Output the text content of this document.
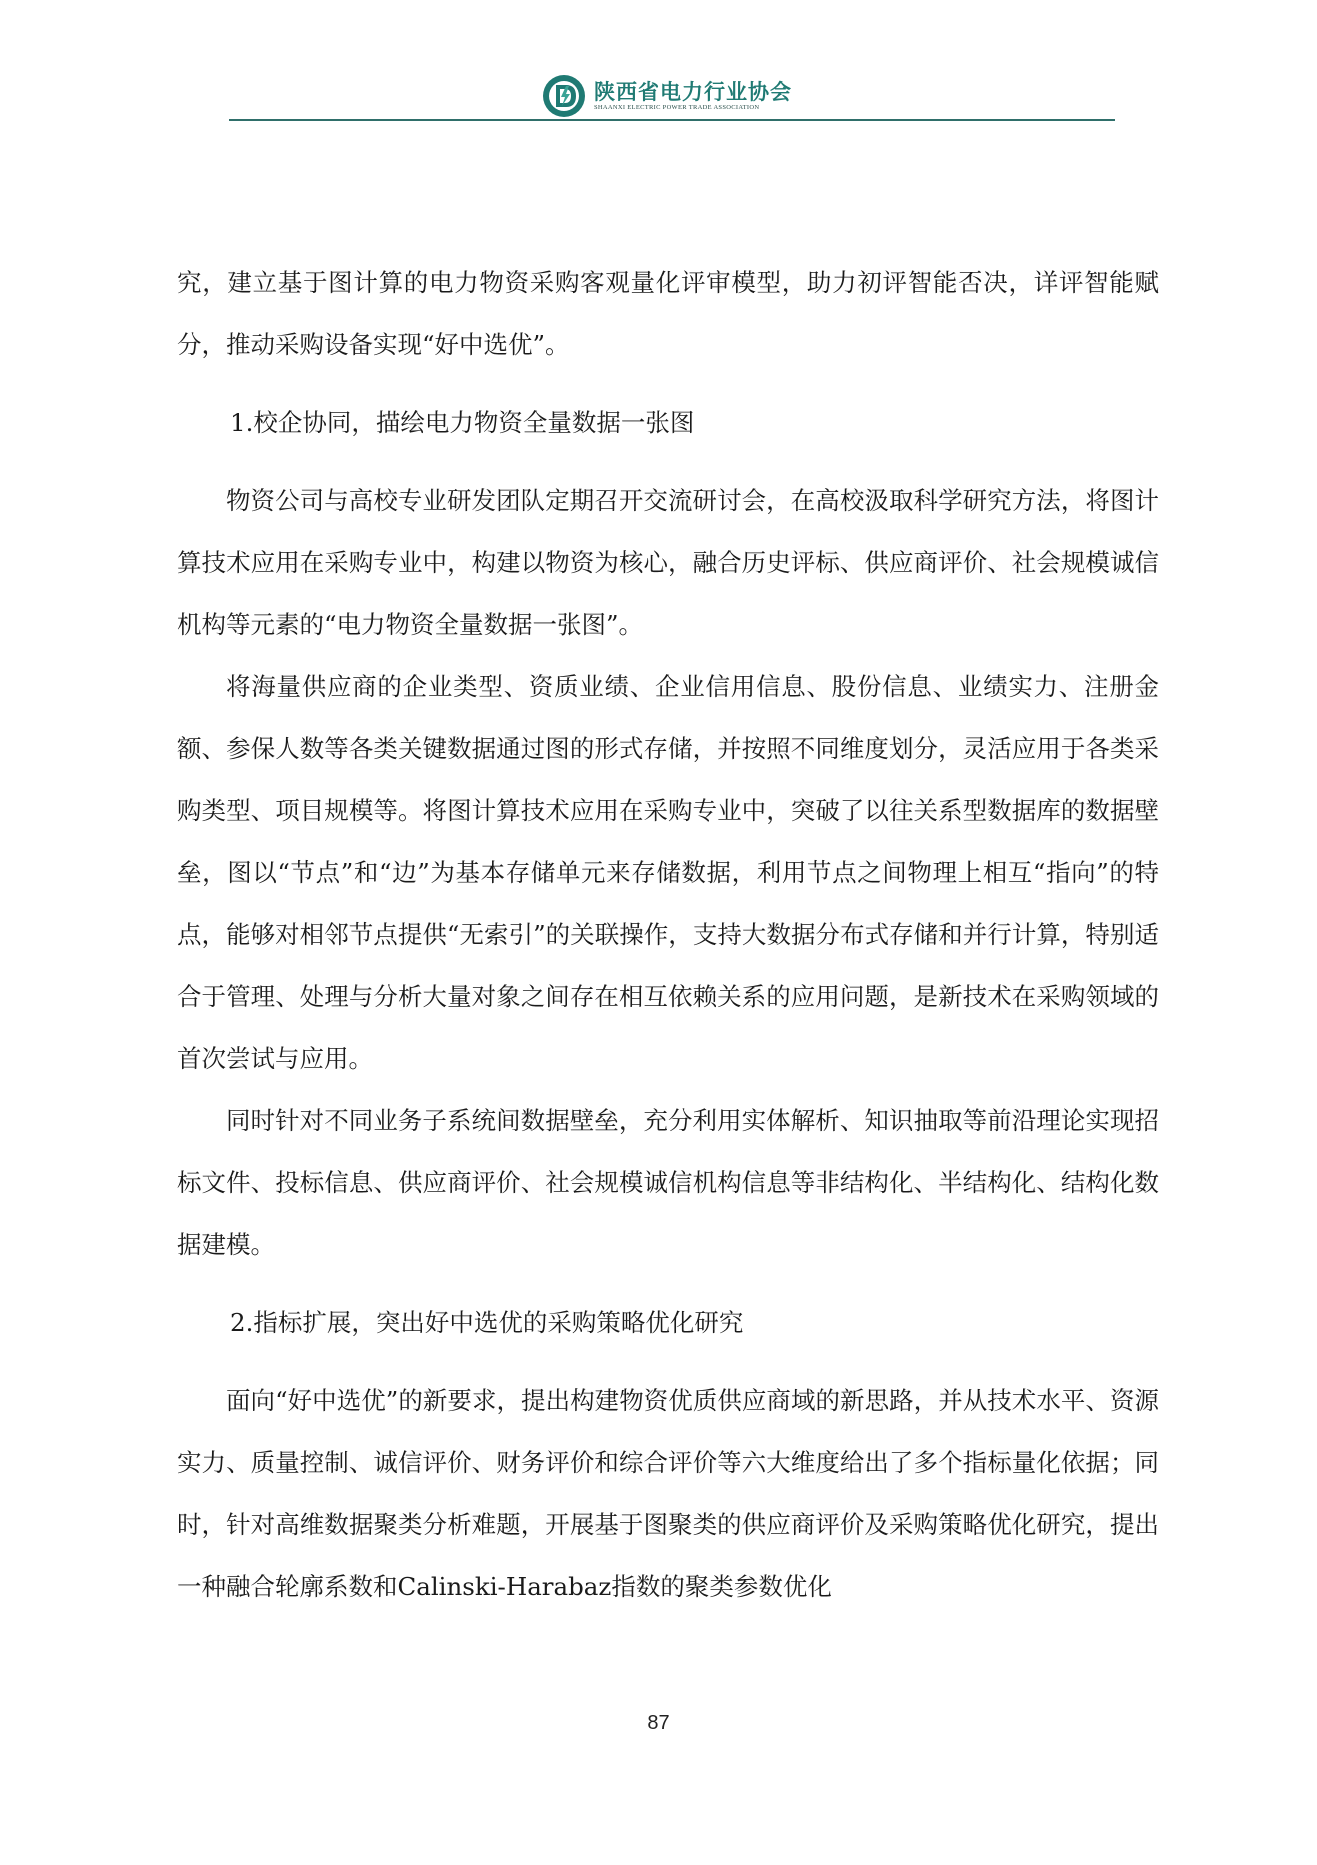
陕西省电力行业协会
SHAANXI ELECTRIC POWER TRADE ASSOCIATION

究，建立基于图计算的电力物资采购客观量化评审模型，助力初评智能否决，详评智能赋分，推动采购设备实现“好中选优”。

1.校企协同，描绘电力物资全量数据一张图

物资公司与高校专业研发团队定期召开交流研讨会，在高校汲取科学研究方法，将图计算技术应用在采购专业中，构建以物资为核心，融合历史评标、供应商评价、社会规模诚信机构等元素的“电力物资全量数据一张图”。

将海量供应商的企业类型、资质业绩、企业信用信息、股份信息、业绩实力、注册金额、参保人数等各类关键数据通过图的形式存储，并按照不同维度划分，灵活应用于各类采购类型、项目规模等。将图计算技术应用在采购专业中，突破了以往关系型数据库的数据壁垒，图以“节点”和“边”为基本存储单元来存储数据，利用节点之间物理上相互“指向”的特点，能够对相邻节点提供“无索引”的关联操作，支持大数据分布式存储和并行计算，特别适合于管理、处理与分析大量对象之间存在相互依赖关系的应用问题，是新技术在采购领域的首次尝试与应用。

同时针对不同业务子系统间数据壁垒，充分利用实体解析、知识抽取等前沿理论实现招标文件、投标信息、供应商评价、社会规模诚信机构信息等非结构化、半结构化、结构化数据建模。

2.指标扩展，突出好中选优的采购策略优化研究

面向“好中选优”的新要求，提出构建物资优质供应商域的新思路，并从技术水平、资源实力、质量控制、诚信评价、财务评价和综合评价等六大维度给出了多个指标量化依据；同时，针对高维数据聚类分析难题，开展基于图聚类的供应商评价及采购策略优化研究，提出一种融合轮廓系数和Calinski-Harabaz指数的聚类参数优化

87
